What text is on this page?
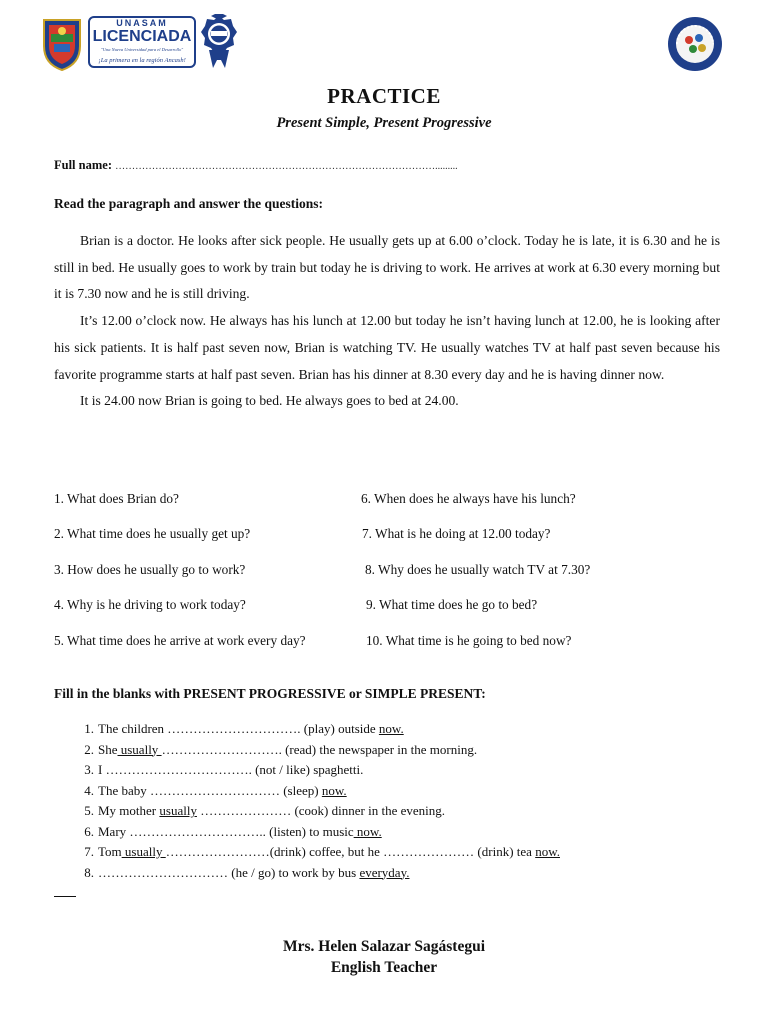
UNASAM
LICENCIADA
"Una Nueva Universidad para el Desarrollo"
¡La primera en la región Ancash!
PRACTICE
Present Simple, Present Progressive
Full name: …………………………………………………………………………………….........
Read the paragraph and answer the questions:

Brian is a doctor. He looks after sick people. He usually gets up at 6.00 o’clock. Today he is late, it is 6.30 and he is still in bed. He usually goes to work by train but today he is driving to work. He arrives at work at 6.30 every morning but it is 7.30 now and he is still driving.

It’s 12.00 o’clock now. He always has his lunch at 12.00 but today he isn’t having lunch at 12.00, he is looking after his sick patients. It is half past seven now, Brian is watching TV. He usually watches TV at half past seven because his favorite programme starts at half past seven. Brian has his dinner at 8.30 every day and he is having dinner now.

It is 24.00 now Brian is going to bed. He always goes to bed at 24.00.

1. What does Brian do?
2. What time does he usually get up?
3. How does he usually go to work?
4. Why is he driving to work today?
5. What time does he arrive at work every day?
6. When does he always have his lunch?
7. What is he doing at 12.00 today?
8. Why does he usually watch TV at 7.30?
9. What time does he go to bed?
10. What time is he going to bed now?
Fill in the blanks with PRESENT PROGRESSIVE or SIMPLE PRESENT:
1. The children …………………………. (play) outside now.
2. She usually ………………………. (read) the newspaper in the morning.
3. I ……………………………. (not / like) spaghetti.
4. The baby ………………………… (sleep) now.
5. My mother usually ………………… (cook) dinner in the evening.
6. Mary ………………………….. (listen) to music now.
7. Tom usually ……………………(drink) coffee, but he ………………… (drink) tea now.
8. ………………………… (he / go) to work by bus everyday.
Mrs. Helen Salazar Sagástegui
English Teacher
